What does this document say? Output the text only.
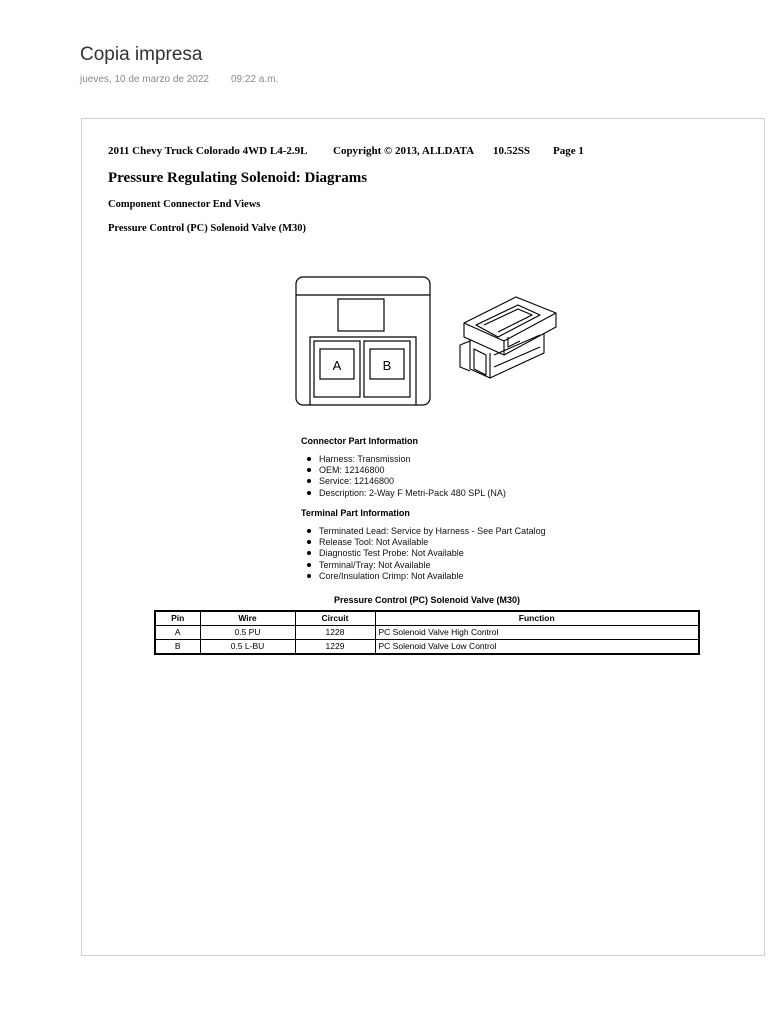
Copia impresa
jueves, 10 de marzo de 2022 09:22 a.m.
2011 Chevy Truck Colorado 4WD L4-2.9L Copyright © 2013, ALLDATA 10.52SS Page 1
Pressure Regulating Solenoid: Diagrams
Component Connector End Views
Pressure Control (PC) Solenoid Valve (M30)
A	B
Connector Part Information
Harness: Transmission
OEM: 12146800
Service: 12146800
Description: 2-Way F Metri-Pack 480 SPL (NA)
Terminal Part Information
Terminated Lead: Service by Harness - See Part Catalog
Release Tool: Not Available
Diagnostic Test Probe: Not Available
Terminal/Tray: Not Available
Core/Insulation Crimp: Not Available
Pressure Control (PC) Solenoid Valve (M30)
Pin	Wire	Circuit	Function
A	0.5 PU	1228	PC Solenoid Valve High Control
B	0.5 L-BU	1229	PC Solenoid Valve Low Control
